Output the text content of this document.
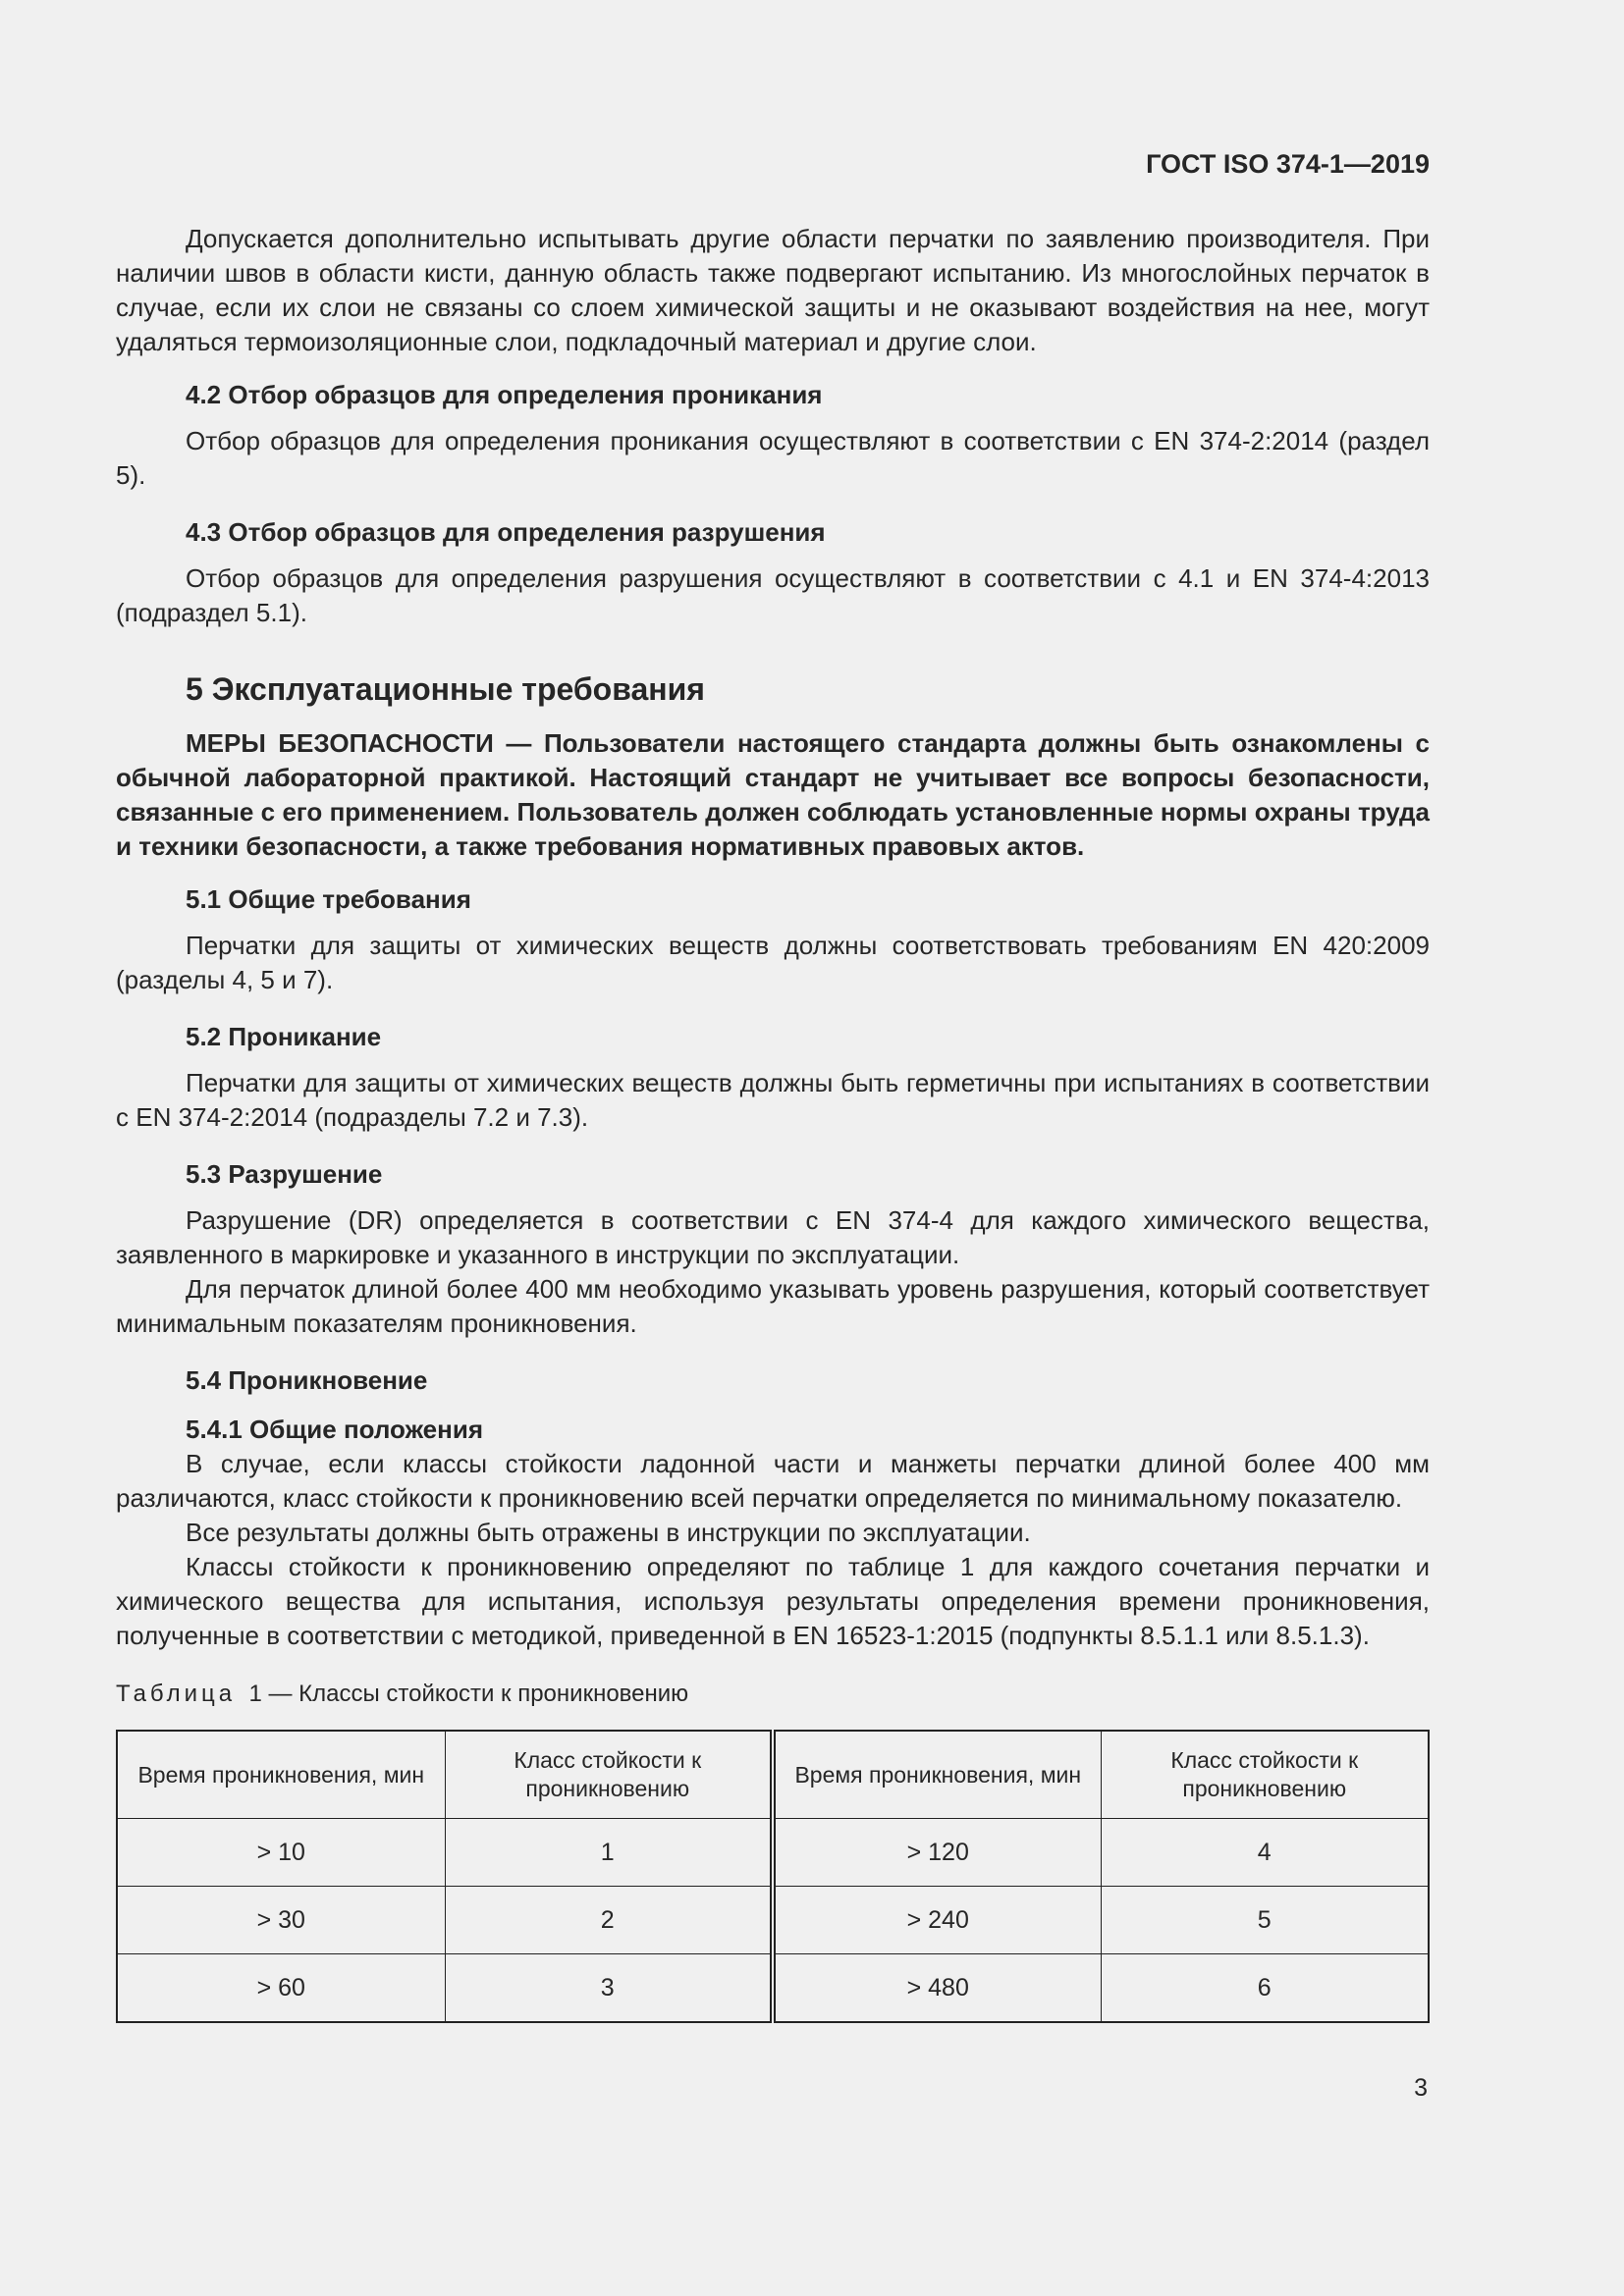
ГОСТ ISO 374-1—2019

Допускается дополнительно испытывать другие области перчатки по заявлению производителя. При наличии швов в области кисти, данную область также подвергают испытанию. Из многослойных перчаток в случае, если их слои не связаны со слоем химической защиты и не оказывают воздействия на нее, могут удаляться термоизоляционные слои, подкладочный материал и другие слои.

4.2 Отбор образцов для определения проникания

Отбор образцов для определения проникания осуществляют в соответствии с EN 374-2:2014 (раздел 5).

4.3 Отбор образцов для определения разрушения

Отбор образцов для определения разрушения осуществляют в соответствии с 4.1 и EN 374-4:2013 (подраздел 5.1).

5 Эксплуатационные требования

МЕРЫ БЕЗОПАСНОСТИ — Пользователи настоящего стандарта должны быть ознакомлены с обычной лабораторной практикой. Настоящий стандарт не учитывает все вопросы безопасности, связанные с его применением. Пользователь должен соблюдать установленные нормы охраны труда и техники безопасности, а также требования нормативных правовых актов.

5.1 Общие требования

Перчатки для защиты от химических веществ должны соответствовать требованиям EN 420:2009 (разделы 4, 5 и 7).

5.2 Проникание

Перчатки для защиты от химических веществ должны быть герметичны при испытаниях в соответствии с EN 374-2:2014 (подразделы 7.2 и 7.3).

5.3 Разрушение

Разрушение (DR) определяется в соответствии с EN 374-4 для каждого химического вещества, заявленного в маркировке и указанного в инструкции по эксплуатации.

Для перчаток длиной более 400 мм необходимо указывать уровень разрушения, который соответствует минимальным показателям проникновения.

5.4 Проникновение
5.4.1 Общие положения

В случае, если классы стойкости ладонной части и манжеты перчатки длиной более 400 мм различаются, класс стойкости к проникновению всей перчатки определяется по минимальному показателю.

Все результаты должны быть отражены в инструкции по эксплуатации.

Классы стойкости к проникновению определяют по таблице 1 для каждого сочетания перчатки и химического вещества для испытания, используя результаты определения времени проникновения, полученные в соответствии с методикой, приведенной в EN 16523-1:2015 (подпункты 8.5.1.1 или 8.5.1.3).

Таблица 1 — Классы стойкости к проникновению

Время проникновения, мин	Класс стойкости к проникновению	Время проникновения, мин	Класс стойкости к проникновению
> 10	1	> 120	4
> 30	2	> 240	5
> 60	3	> 480	6

3
